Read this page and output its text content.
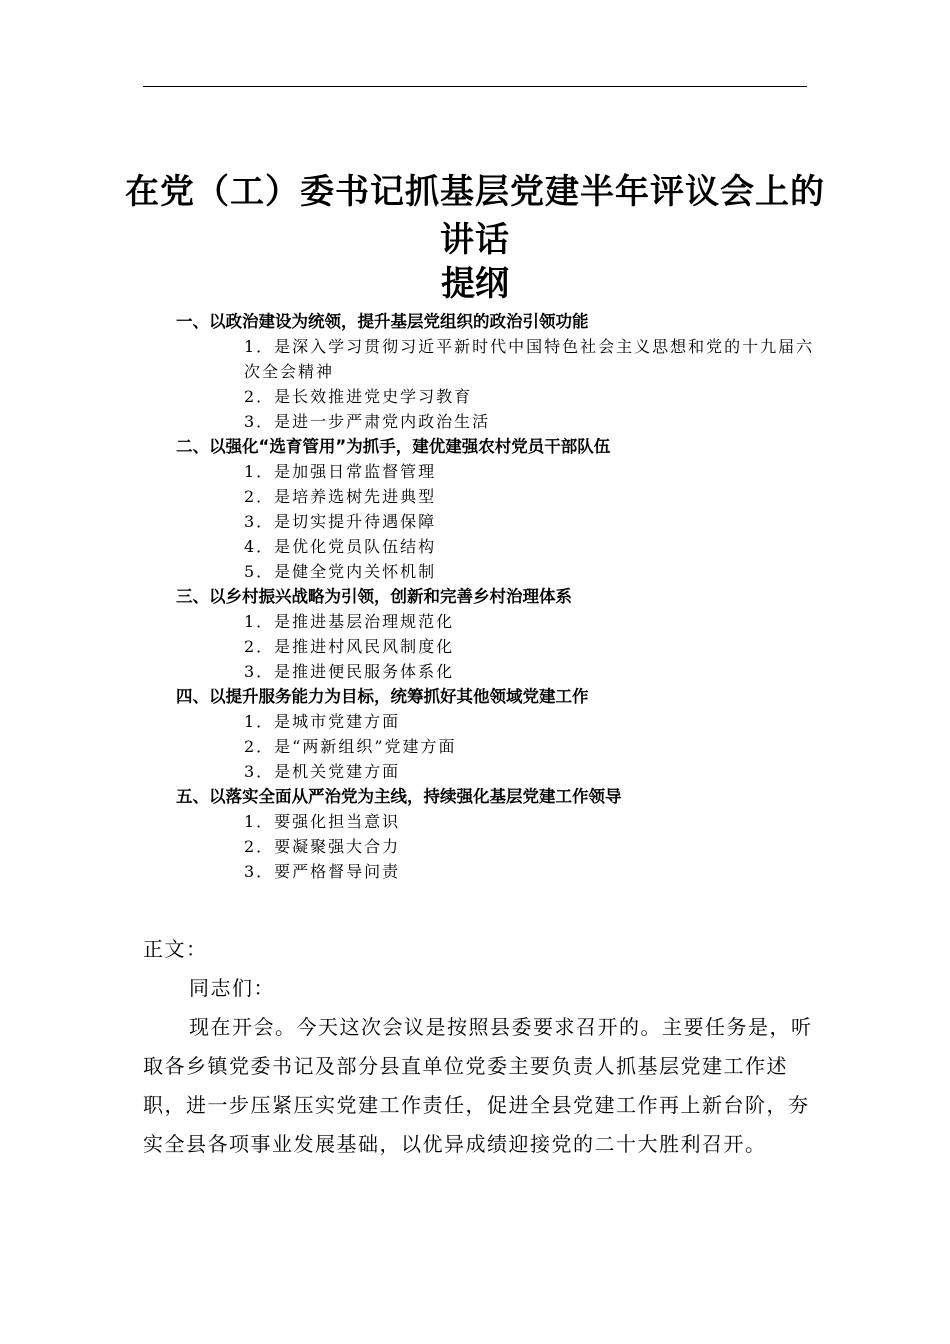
在党（工）委书记抓基层党建半年评议会上的讲话
提纲
一、以政治建设为统领，提升基层党组织的政治引领功能
1．是深入学习贯彻习近平新时代中国特色社会主义思想和党的十九届六次全会精神
2．是长效推进党史学习教育
3．是进一步严肃党内政治生活
二、以强化“选育管用”为抓手，建优建强农村党员干部队伍
1．是加强日常监督管理
2．是培养选树先进典型
3．是切实提升待遇保障
4．是优化党员队伍结构
5．是健全党内关怀机制
三、以乡村振兴战略为引领，创新和完善乡村治理体系
1．是推进基层治理规范化
2．是推进村风民风制度化
3．是推进便民服务体系化
四、以提升服务能力为目标，统筹抓好其他领域党建工作
1．是城市党建方面
2．是“两新组织”党建方面
3．是机关党建方面
五、以落实全面从严治党为主线，持续强化基层党建工作领导
1．要强化担当意识
2．要凝聚强大合力
3．要严格督导问责

正文：

同志们：

现在开会。今天这次会议是按照县委要求召开的。主要任务是，听取各乡镇党委书记及部分县直单位党委主要负责人抓基层党建工作述职，进一步压紧压实党建工作责任，促进全县党建工作再上新台阶，夯实全县各项事业发展基础，以优异成绩迎接党的二十大胜利召开。
